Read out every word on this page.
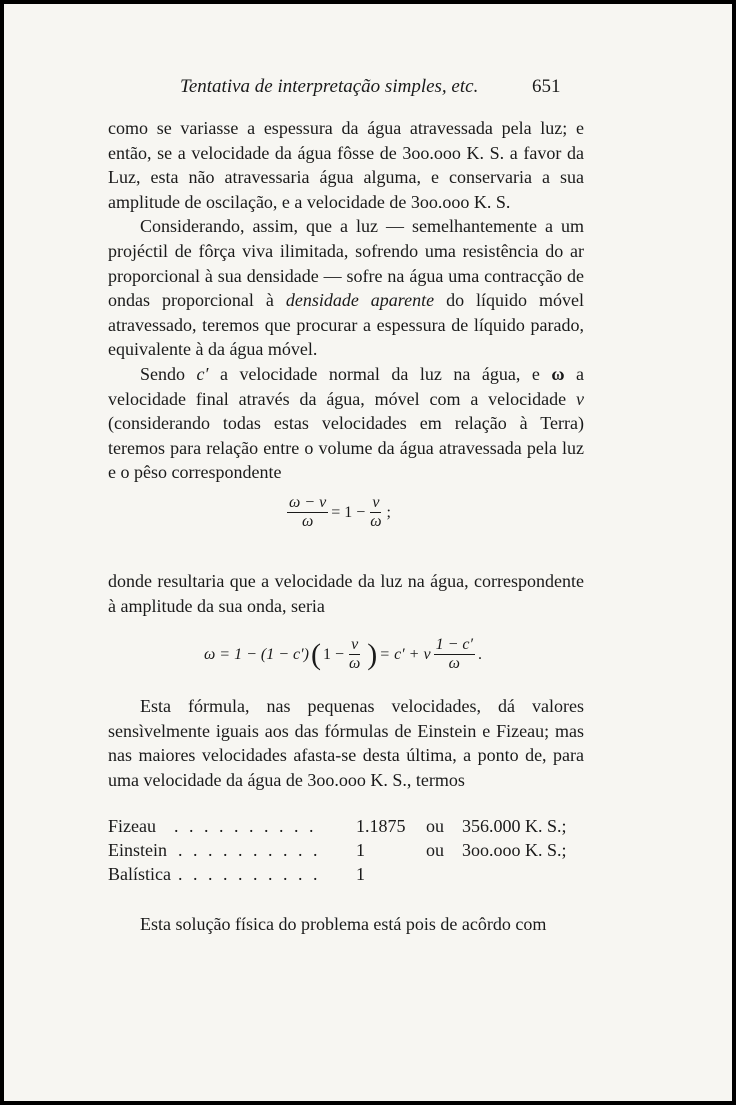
Tentativa de interpretação simples, etc.	651

como se variasse a espessura da água atravessada pela luz; e então, se a velocidade da água fôsse de 3oo.ooo K. S. a favor da Luz, esta não atravessaria água alguma, e conservaria a sua amplitude de oscilação, e a velocidade de 3oo.ooo K. S.

Considerando, assim, que a luz — semelhantemente a um projéctil de fôrça viva ilimitada, sofrendo uma resistência do ar proporcional à sua densidade — sofre na água uma contracção de ondas proporcional à densidade aparente do líquido móvel atravessado, teremos que procurar a espessura de líquido parado, equivalente à da água móvel.

Sendo c′ a velocidade normal da luz na água, e ω a velocidade final através da água, móvel com a velocidade v (considerando todas estas velocidades em relação à Terra) teremos para relação entre o volume da água atravessada pela luz e o pêso correspondente

$\frac{\omega - v}{\omega} = 1 - \frac{v}{\omega}$ ;

donde resultaria que a velocidade da luz na água, correspondente à amplitude da sua onda, seria

ω = 1 − (1 − c′) ( $1 - \frac{v}{\omega}$ ) = c′ + v $\frac{1 - c'}{\omega}$ .

Esta fórmula, nas pequenas velocidades, dá valores sensìvelmente iguais aos das fórmulas de Einstein e Fizeau; mas nas maiores velocidades afasta-se desta última, a ponto de, para uma velocidade da água de 3oo.ooo K. S., termos

Fizeau . . . . . . . . . . 1.1875 ou 356.000 K. S.;
Einstein . . . . . . . . . . 1	ou 3oo.ooo K. S.;
Balística . . . . . . . . . . 1
Esta solução física do problema está pois de acôrdo com
